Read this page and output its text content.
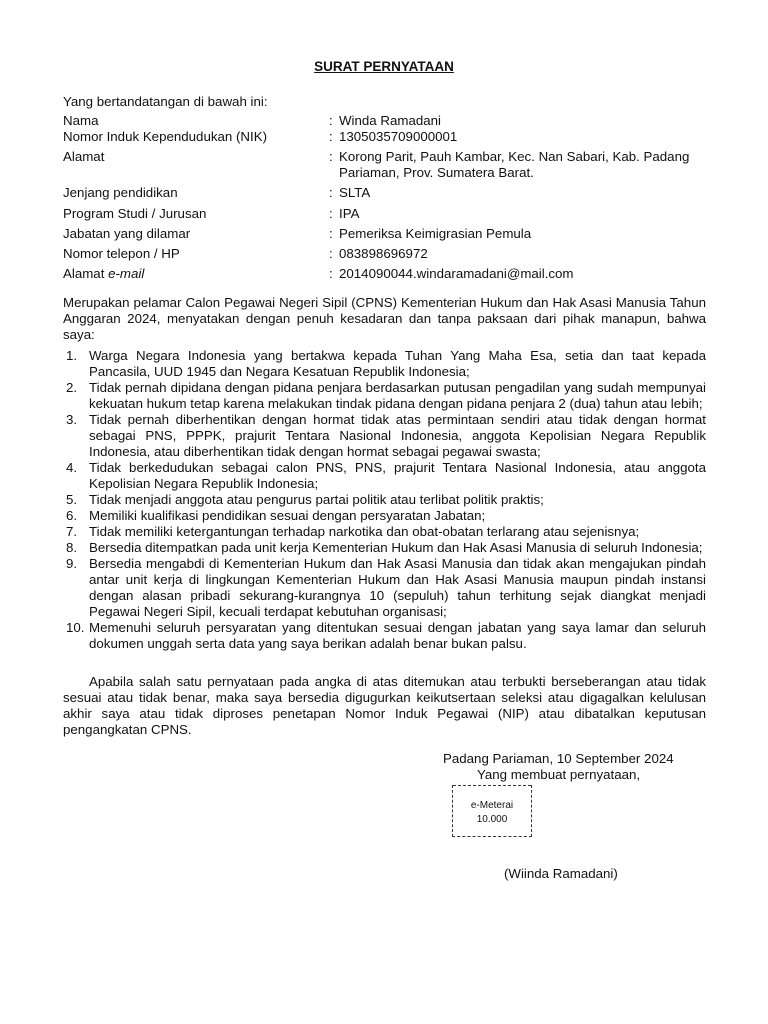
SURAT PERNYATAAN
Yang bertandatangan di bawah ini:
Nama	: Winda Ramadani
Nomor Induk Kependudukan (NIK)	: 1305035709000001
Alamat	: Korong Parit, Pauh Kambar, Kec. Nan Sabari, Kab. Padang Pariaman, Prov. Sumatera Barat.
Jenjang pendidikan	: SLTA
Program Studi / Jurusan	: IPA
Jabatan yang dilamar	: Pemeriksa Keimigrasian Pemula
Nomor telepon / HP	: 083898696972
Alamat e-mail	: 2014090044.windaramadani@mail.com

Merupakan pelamar Calon Pegawai Negeri Sipil (CPNS) Kementerian Hukum dan Hak Asasi Manusia Tahun Anggaran 2024, menyatakan dengan penuh kesadaran dan tanpa paksaan dari pihak manapun, bahwa saya:

1. Warga Negara Indonesia yang bertakwa kepada Tuhan Yang Maha Esa, setia dan taat kepada Pancasila, UUD 1945 dan Negara Kesatuan Republik Indonesia;
2. Tidak pernah dipidana dengan pidana penjara berdasarkan putusan pengadilan yang sudah mempunyai kekuatan hukum tetap karena melakukan tindak pidana dengan pidana penjara 2 (dua) tahun atau lebih;
3. Tidak pernah diberhentikan dengan hormat tidak atas permintaan sendiri atau tidak dengan hormat sebagai PNS, PPPK, prajurit Tentara Nasional Indonesia, anggota Kepolisian Negara Republik Indonesia, atau diberhentikan tidak dengan hormat sebagai pegawai swasta;
4. Tidak berkedudukan sebagai calon PNS, PNS, prajurit Tentara Nasional Indonesia, atau anggota Kepolisian Negara Republik Indonesia;
5. Tidak menjadi anggota atau pengurus partai politik atau terlibat politik praktis;
6. Memiliki kualifikasi pendidikan sesuai dengan persyaratan Jabatan;
7. Tidak memiliki ketergantungan terhadap narkotika dan obat-obatan terlarang atau sejenisnya;
8. Bersedia ditempatkan pada unit kerja Kementerian Hukum dan Hak Asasi Manusia di seluruh Indonesia;
9. Bersedia mengabdi di Kementerian Hukum dan Hak Asasi Manusia dan tidak akan mengajukan pindah antar unit kerja di lingkungan Kementerian Hukum dan Hak Asasi Manusia maupun pindah instansi dengan alasan pribadi sekurang-kurangnya 10 (sepuluh) tahun terhitung sejak diangkat menjadi Pegawai Negeri Sipil, kecuali terdapat kebutuhan organisasi;
10. Memenuhi seluruh persyaratan yang ditentukan sesuai dengan jabatan yang saya lamar dan seluruh dokumen unggah serta data yang saya berikan adalah benar bukan palsu.

Apabila salah satu pernyataan pada angka di atas ditemukan atau terbukti berseberangan atau tidak sesuai atau tidak benar, maka saya bersedia digugurkan keikutsertaan seleksi atau digagalkan kelulusan akhir saya atau tidak diproses penetapan Nomor Induk Pegawai (NIP) atau dibatalkan keputusan pengangkatan CPNS.

Padang Pariaman, 10 September 2024
Yang membuat pernyataan,
e-Meterai
10.000
(Wiinda Ramadani)
